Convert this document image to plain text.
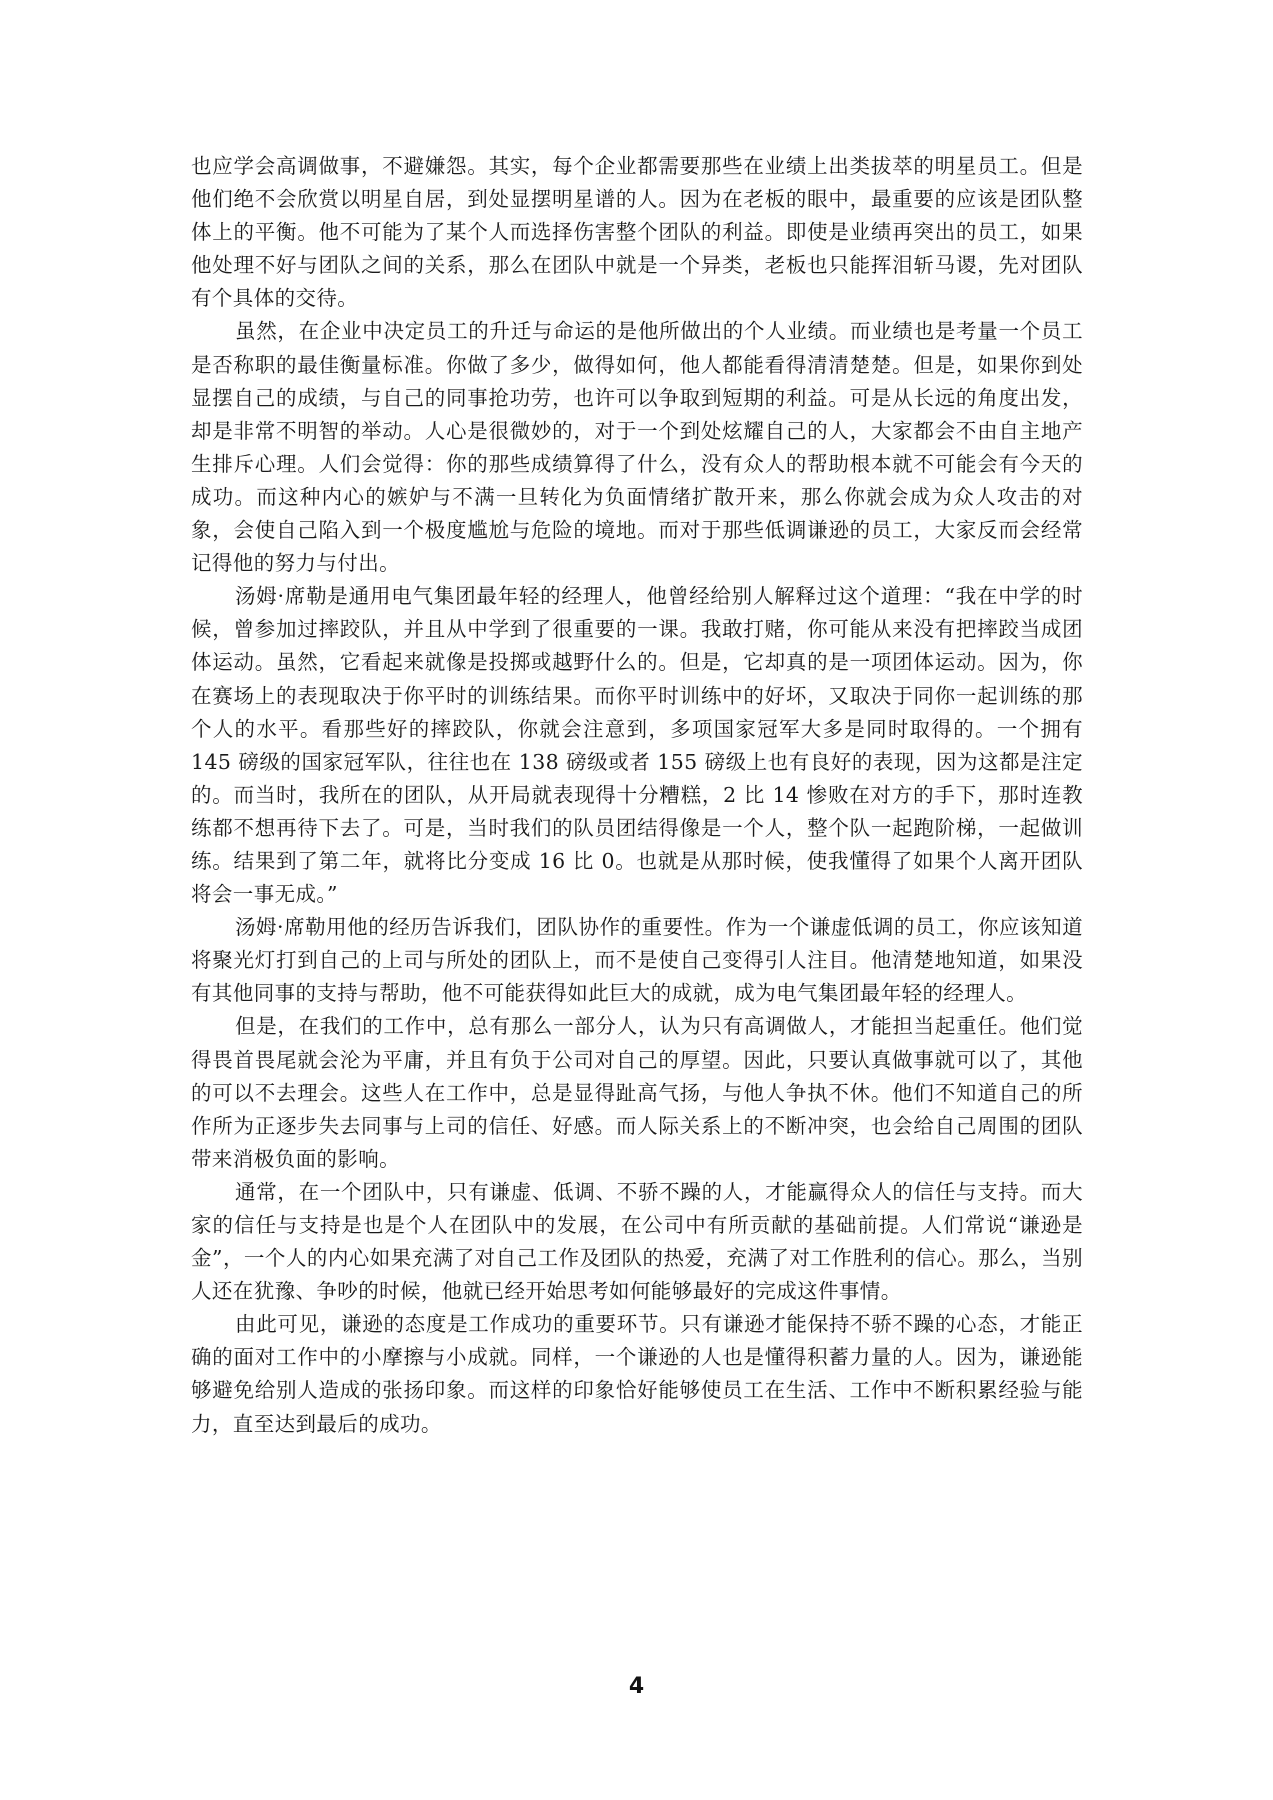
也应学会高调做事，不避嫌怨。其实，每个企业都需要那些在业绩上出类拔萃的明星员工。但是他们绝不会欣赏以明星自居，到处显摆明星谱的人。因为在老板的眼中，最重要的应该是团队整体上的平衡。他不可能为了某个人而选择伤害整个团队的利益。即使是业绩再突出的员工，如果他处理不好与团队之间的关系，那么在团队中就是一个异类，老板也只能挥泪斩马谡，先对团队有个具体的交待。

虽然，在企业中决定员工的升迁与命运的是他所做出的个人业绩。而业绩也是考量一个员工是否称职的最佳衡量标准。你做了多少，做得如何，他人都能看得清清楚楚。但是，如果你到处显摆自己的成绩，与自己的同事抢功劳，也许可以争取到短期的利益。可是从长远的角度出发，却是非常不明智的举动。人心是很微妙的，对于一个到处炫耀自己的人，大家都会不由自主地产生排斥心理。人们会觉得：你的那些成绩算得了什么，没有众人的帮助根本就不可能会有今天的成功。而这种内心的嫉妒与不满一旦转化为负面情绪扩散开来，那么你就会成为众人攻击的对象，会使自己陷入到一个极度尴尬与危险的境地。而对于那些低调谦逊的员工，大家反而会经常记得他的努力与付出。

汤姆·席勒是通用电气集团最年轻的经理人，他曾经给别人解释过这个道理：“我在中学的时候，曾参加过摔跤队，并且从中学到了很重要的一课。我敢打赌，你可能从来没有把摔跤当成团体运动。虽然，它看起来就像是投掷或越野什么的。但是，它却真的是一项团体运动。因为，你在赛场上的表现取决于你平时的训练结果。而你平时训练中的好坏，又取决于同你一起训练的那个人的水平。看那些好的摔跤队，你就会注意到，多项国家冠军大多是同时取得的。一个拥有 145 磅级的国家冠军队，往往也在 138 磅级或者 155 磅级上也有良好的表现，因为这都是注定的。而当时，我所在的团队，从开局就表现得十分糟糕，2 比 14 惨败在对方的手下，那时连教练都不想再待下去了。可是，当时我们的队员团结得像是一个人，整个队一起跑阶梯，一起做训练。结果到了第二年，就将比分变成 16 比 0。也就是从那时候，使我懂得了如果个人离开团队将会一事无成。”

汤姆·席勒用他的经历告诉我们，团队协作的重要性。作为一个谦虚低调的员工，你应该知道将聚光灯打到自己的上司与所处的团队上，而不是使自己变得引人注目。他清楚地知道，如果没有其他同事的支持与帮助，他不可能获得如此巨大的成就，成为电气集团最年轻的经理人。

但是，在我们的工作中，总有那么一部分人，认为只有高调做人，才能担当起重任。他们觉得畏首畏尾就会沦为平庸，并且有负于公司对自己的厚望。因此，只要认真做事就可以了，其他的可以不去理会。这些人在工作中，总是显得趾高气扬，与他人争执不休。他们不知道自己的所作所为正逐步失去同事与上司的信任、好感。而人际关系上的不断冲突，也会给自己周围的团队带来消极负面的影响。

通常，在一个团队中，只有谦虚、低调、不骄不躁的人，才能赢得众人的信任与支持。而大家的信任与支持是也是个人在团队中的发展，在公司中有所贡献的基础前提。人们常说“谦逊是金”，一个人的内心如果充满了对自己工作及团队的热爱，充满了对工作胜利的信心。那么，当别人还在犹豫、争吵的时候，他就已经开始思考如何能够最好的完成这件事情。

由此可见，谦逊的态度是工作成功的重要环节。只有谦逊才能保持不骄不躁的心态，才能正确的面对工作中的小摩擦与小成就。同样，一个谦逊的人也是懂得积蓄力量的人。因为，谦逊能够避免给别人造成的张扬印象。而这样的印象恰好能够使员工在生活、工作中不断积累经验与能力，直至达到最后的成功。

4
